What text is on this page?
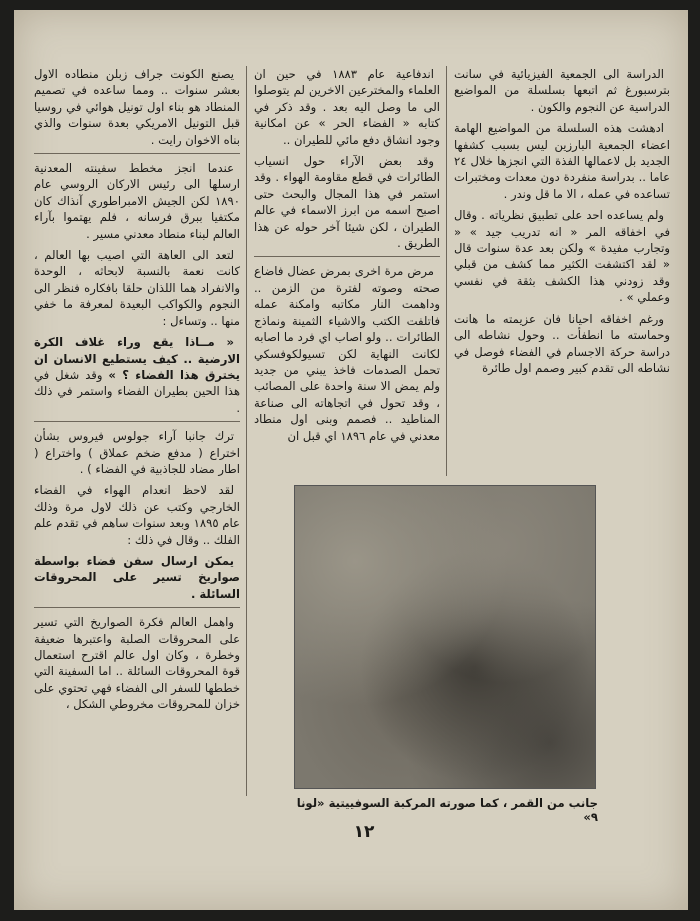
الدراسة الى الجمعية الفيزيائية في سانت بترسبورغ ثم اتبعها بسلسلة من المواضيع الدراسية عن النجوم والكون .

ادهشت هذه السلسلة من المواضيع الهامة اعضاء الجمعية البارزين ليس بسبب كشفها الجديد بل لاعمالها الفذة التي انجزها خلال ٢٤ عاما .. بدراسة منفردة دون معدات ومختبرات تساعده في عمله ، الا ما قل وندر .

ولم يساعده احد على تطبيق نظرياته . وقال في اخفاقه المر « انه تدريب جيد » « وتجارب مفيدة » ولكن بعد عدة سنوات قال « لقد اكتشفت الكثير مما كشف من قبلي وقد زودني هذا الكشف بثقة في نفسي وعملي » .

ورغم اخفاقه احيانا فان عزيمته ما هانت وحماسته ما انطفأت .. وحول نشاطه الى دراسة حركة الاجسام في الفضاء فوصل في نشاطه الى تقدم كبير وصمم اول طائرة

اندفاعية عام ١٨٨٣ في حين ان العلماء والمخترعين الاخرين لم يتوصلوا الى ما وصل اليه بعد . وقد ذكر في كتابه « الفضاء الحر » عن امكانية وجود انشاق دفع مائي للطيران ..

وقد بعض الآراء حول انسياب الطائرات في قطع مقاومة الهواء . وقد استمر في هذا المجال والبحث حتى اصبح اسمه من ابرز الاسماء في عالم الطيران ، لكن شيئا آخر حوله عن هذا الطريق .

مرض مرة اخرى بمرض عضال فاضاع صحته وصوته لفترة من الزمن .. وداهمت النار مكاتبه وامكنة عمله فاتلفت الكتب والاشياء الثمينة ونماذج الطائرات .. ولو اصاب اي فرد ما اصابه لكانت النهاية لكن تسيولكوفسكي تحمل الصدمات فاخذ يبني من جديد ولم يمض الا سنة واحدة على المصائب ، وقد تحول في اتجاهاته الى صناعة المناطيد .. فصمم وبنى اول منطاد معدني في عام ١٨٩٦ اي قبل ان

يصنع الكونت جراف زبلن منطاده الاول بعشر سنوات .. ومما ساعده في تصميم المنطاد هو بناء اول تونيل هوائي في روسيا قبل التونيل الامريكي بعدة سنوات والذي بناه الاخوان رايت .

عندما انجز مخطط سفينته المعدنية ارسلها الى رئيس الاركان الروسي عام ١٨٩٠ لكن الجيش الامبراطوري آنذاك كان مكتفيا ببرق فرسانه ، فلم يهتموا بآراء العالم لبناء منطاد معدني مسير .

لتعد الى العاهة التي اصيب بها العالم ، كانت نعمة بالنسبة لابحاثه ، الوحدة والانفراد هما اللذان حلقا بافكاره فنظر الى النجوم والكواكب البعيدة لمعرفة ما خفي منها .. وتساءل :

« مــاذا يقع وراء غلاف الكرة الارضية .. كيف يستطيع الانسان ان يخترق هذا الفضاء ؟ » وقد شغل في هذا الحين بطيران الفضاء واستمر في ذلك .

ترك جانبا آراء جولوس فيروس بشأن اختراع ( مدفع ضخم عملاق ) واختراع ( اطار مضاد للجاذبية في الفضاء ) .

لقد لاحظ انعدام الهواء في الفضاء الخارجي وكتب عن ذلك لاول مرة وذلك عام ١٨٩٥ وبعد سنوات ساهم في تقدم علم الفلك .. وقال في ذلك :

يمكن ارسال سفن فضاء بواسطة صواريخ تسير على المحروقات السائلة .

واهمل العالم فكرة الصواريخ التي تسير على المحروقات الصلبة واعتبرها ضعيفة وخطرة ، وكان اول عالم اقترح استعمال قوة المحروقات السائلة .. اما السفينة التي خططها للسفر الى الفضاء فهي تحتوي على خزان للمحروقات مخروطي الشكل ،

جانب من القمر ، كما صورته المركبة السوفييتية «لونا ٩»
١٢
